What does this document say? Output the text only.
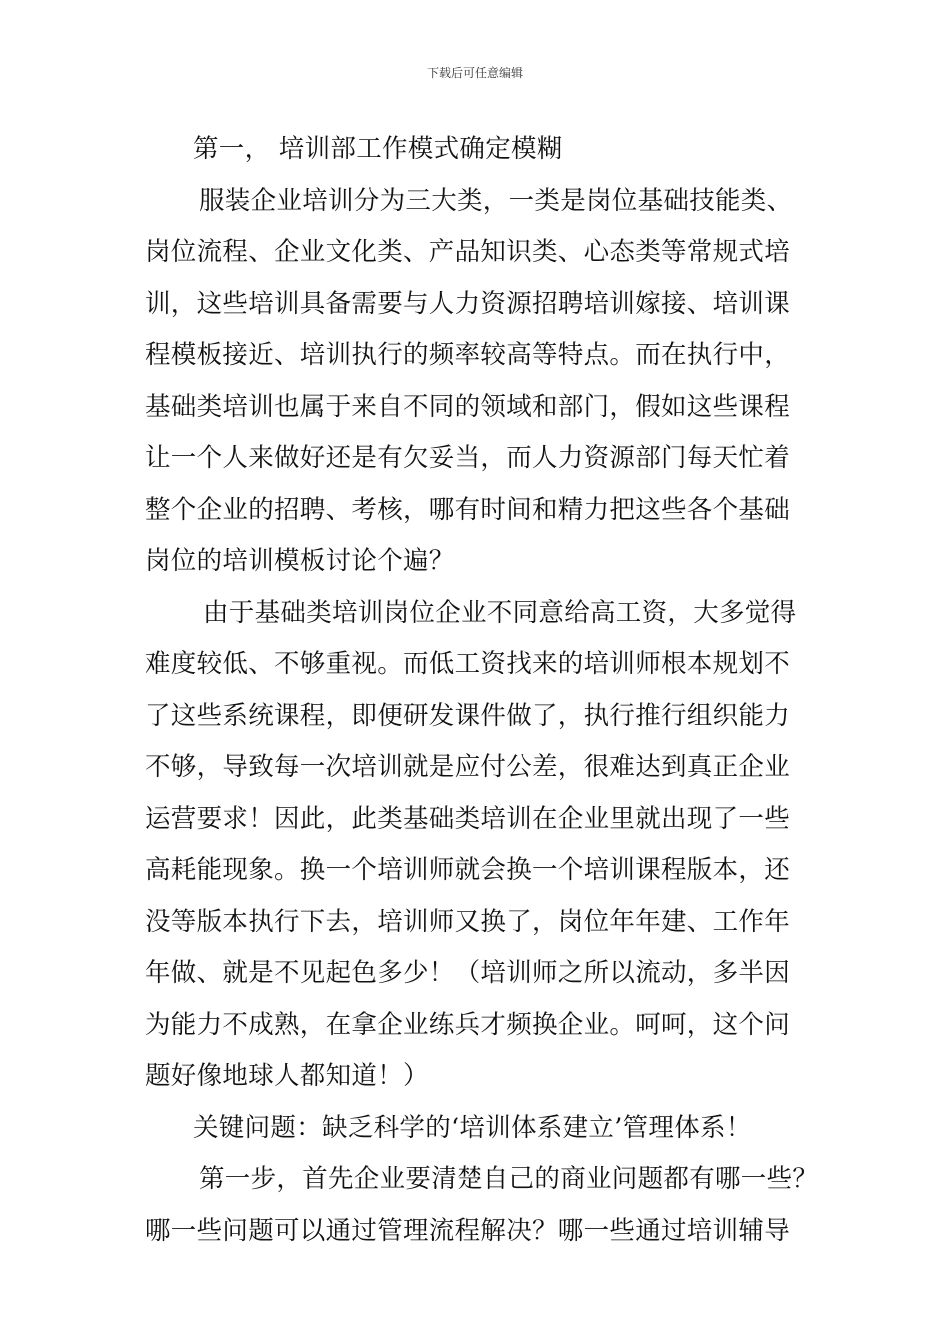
下载后可任意编辑
第一， 培训部工作模式确定模糊
服装企业培训分为三大类，一类是岗位基础技能类、
岗位流程、企业文化类、产品知识类、心态类等常规式培
训，这些培训具备需要与人力资源招聘培训嫁接、培训课
程模板接近、培训执行的频率较高等特点。而在执行中，
基础类培训也属于来自不同的领域和部门，假如这些课程
让一个人来做好还是有欠妥当，而人力资源部门每天忙着
整个企业的招聘、考核，哪有时间和精力把这些各个基础
岗位的培训模板讨论个遍？
由于基础类培训岗位企业不同意给高工资，大多觉得
难度较低、不够重视。而低工资找来的培训师根本规划不
了这些系统课程，即便研发课件做了，执行推行组织能力
不够，导致每一次培训就是应付公差，很难达到真正企业
运营要求！因此，此类基础类培训在企业里就出现了一些
高耗能现象。换一个培训师就会换一个培训课程版本，还
没等版本执行下去，培训师又换了，岗位年年建、工作年
年做、就是不见起色多少！（培训师之所以流动，多半因
为能力不成熟，在拿企业练兵才频换企业。呵呵，这个问
题好像地球人都知道！）
关键问题：缺乏科学的‘培训体系建立’管理体系！
第一步，首先企业要清楚自己的商业问题都有哪一些？
哪一些问题可以通过管理流程解决？哪一些通过培训辅导
